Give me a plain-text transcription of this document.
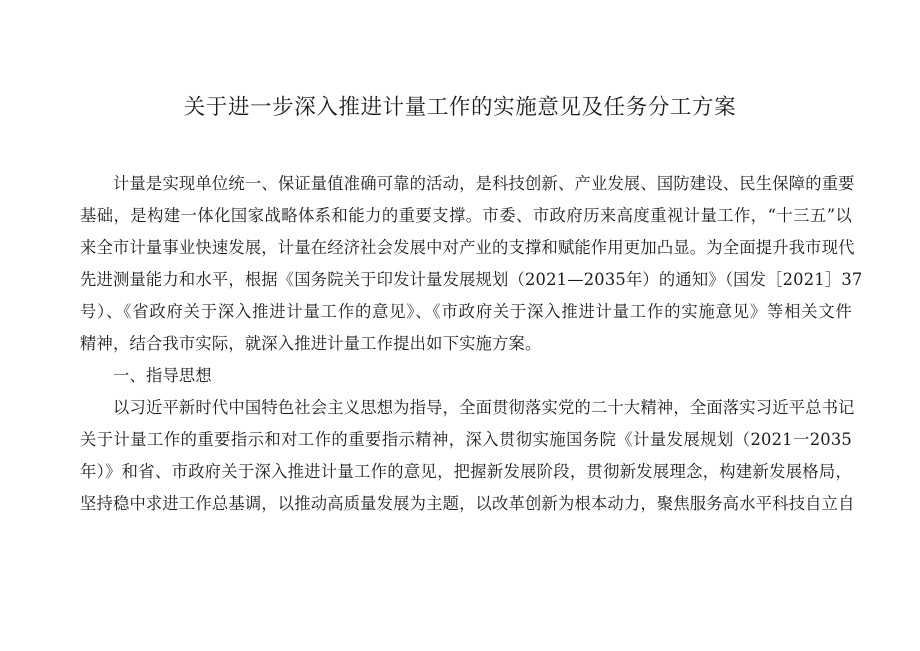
关于进一步深入推进计量工作的实施意见及任务分工方案
计量是实现单位统一、保证量值准确可靠的活动，是科技创新、产业发展、国防建设、民生保障的重要
基础，是构建一体化国家战略体系和能力的重要支撑。市委、市政府历来高度重视计量工作，“十三五”以
来全市计量事业快速发展，计量在经济社会发展中对产业的支撑和赋能作用更加凸显。为全面提升我市现代
先进测量能力和水平，根据《国务院关于印发计量发展规划（2021—2035年）的通知》（国发［2021］37
号）、《省政府关于深入推进计量工作的意见》、《市政府关于深入推进计量工作的实施意见》等相关文件
精神，结合我市实际，就深入推进计量工作提出如下实施方案。
一、指导思想
以习近平新时代中国特色社会主义思想为指导，全面贯彻落实党的二十大精神，全面落实习近平总书记
关于计量工作的重要指示和对工作的重要指示精神，深入贯彻实施国务院《计量发展规划（2021一2035
年）》和省、市政府关于深入推进计量工作的意见，把握新发展阶段，贯彻新发展理念，构建新发展格局，
坚持稳中求进工作总基调，以推动高质量发展为主题，以改革创新为根本动力，聚焦服务高水平科技自立自
